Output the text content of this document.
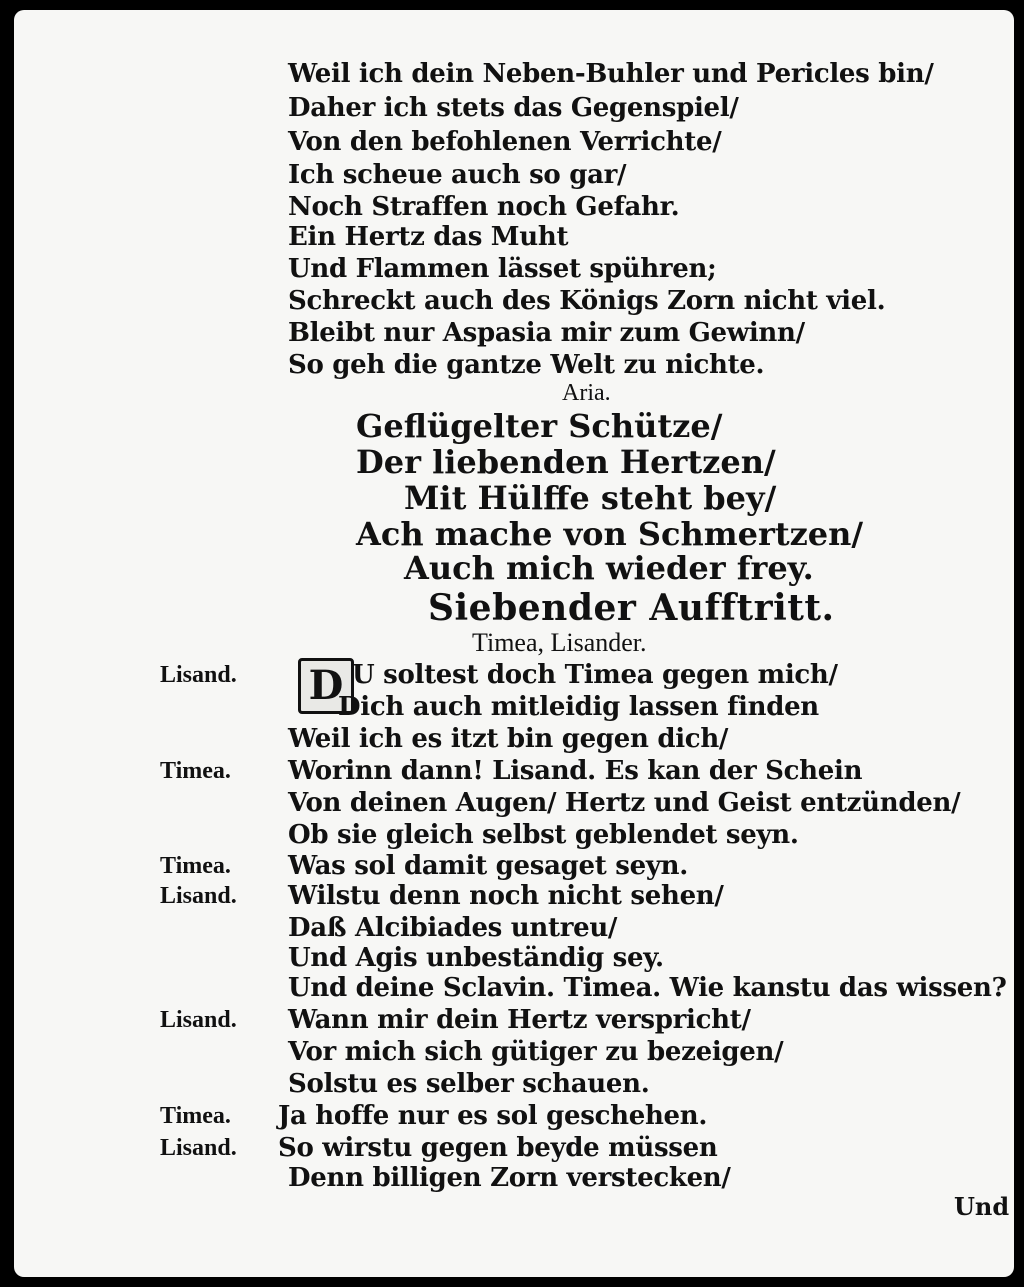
Weil ich dein Neben-Buhler und Pericles bin/
Daher ich stets das Gegenspiel/
Von den befohlenen Verrichte/
Ich scheue auch so gar/
Noch Straffen noch Gefahr.
Ein Hertz das Muht
Und Flammen lässet spühren;
Schreckt auch des Königs Zorn nicht viel.
Bleibt nur Aspasia mir zum Gewinn/
So geh die gantze Welt zu nichte.
Aria.
Geflügelter Schütze/
Der liebenden Hertzen/
Mit Hülffe steht bey/
Ach mache von Schmertzen/
Auch mich wieder frey.
Siebender Aufftritt.
Timea, Lisander.
Lisand. D U soltest doch Timea gegen mich/
Dich auch mitleidig lassen finden
Weil ich es itzt bin gegen dich/
Timea. Worinn dann! Lisand. Es kan der Schein
Von deinen Augen/ Hertz und Geist entzünden/
Ob sie gleich selbst geblendet seyn.
Timea. Was sol damit gesaget seyn.
Lisand. Wilstu denn noch nicht sehen/
Daß Alcibiades untreu/
Und Agis unbeständig sey.
Und deine Sclavin. Timea. Wie kanstu das wissen?
Lisand. Wann mir dein Hertz verspricht/
Vor mich sich gütiger zu bezeigen/
Solstu es selber schauen.
Timea. Ja hoffe nur es sol geschehen.
Lisand. So wirstu gegen beyde müssen
Denn billigen Zorn verstecken/
Und
